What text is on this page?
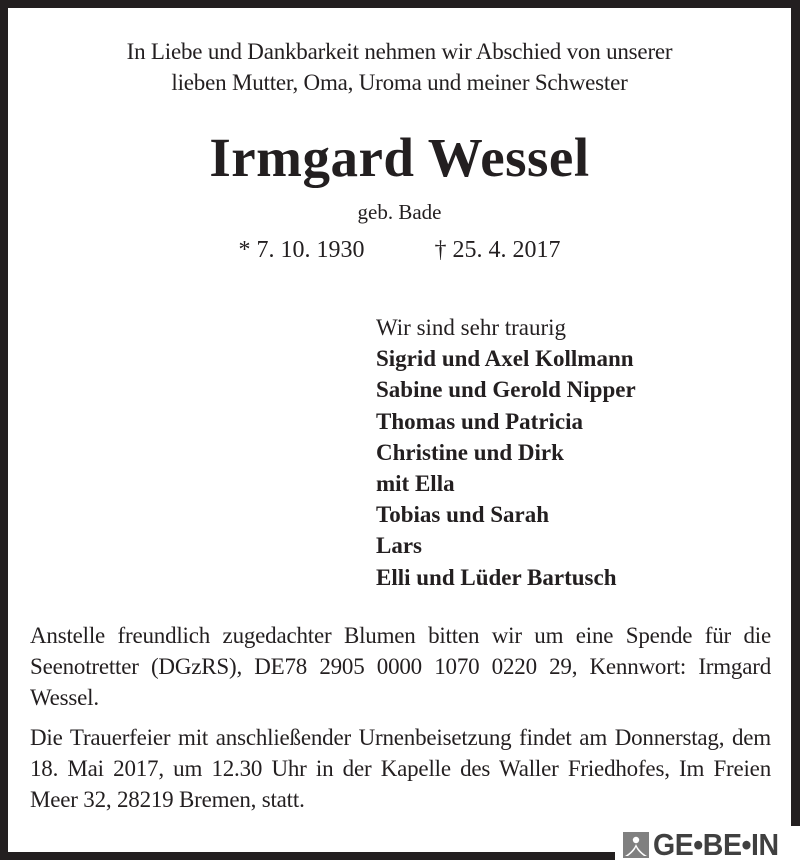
In Liebe und Dankbarkeit nehmen wir Abschied von unserer
lieben Mutter, Oma, Uroma und meiner Schwester
Irmgard Wessel
geb. Bade
* 7. 10. 1930	† 25. 4. 2017
Wir sind sehr traurig
Sigrid und Axel Kollmann
Sabine und Gerold Nipper
Thomas und Patricia
Christine und Dirk
mit Ella
Tobias und Sarah
Lars
Elli und Lüder Bartusch
Anstelle freundlich zugedachter Blumen bitten wir um eine Spende für die Seenotretter (DGzRS), DE78 2905 0000 1070 0220 29, Kennwort: Irmgard Wessel.
Die Trauerfeier mit anschließender Urnenbeisetzung findet am Donnerstag, dem 18. Mai 2017, um 12.30 Uhr in der Kapelle des Waller Friedhofes, Im Freien Meer 32, 28219 Bremen, statt.
GE•BE•IN
